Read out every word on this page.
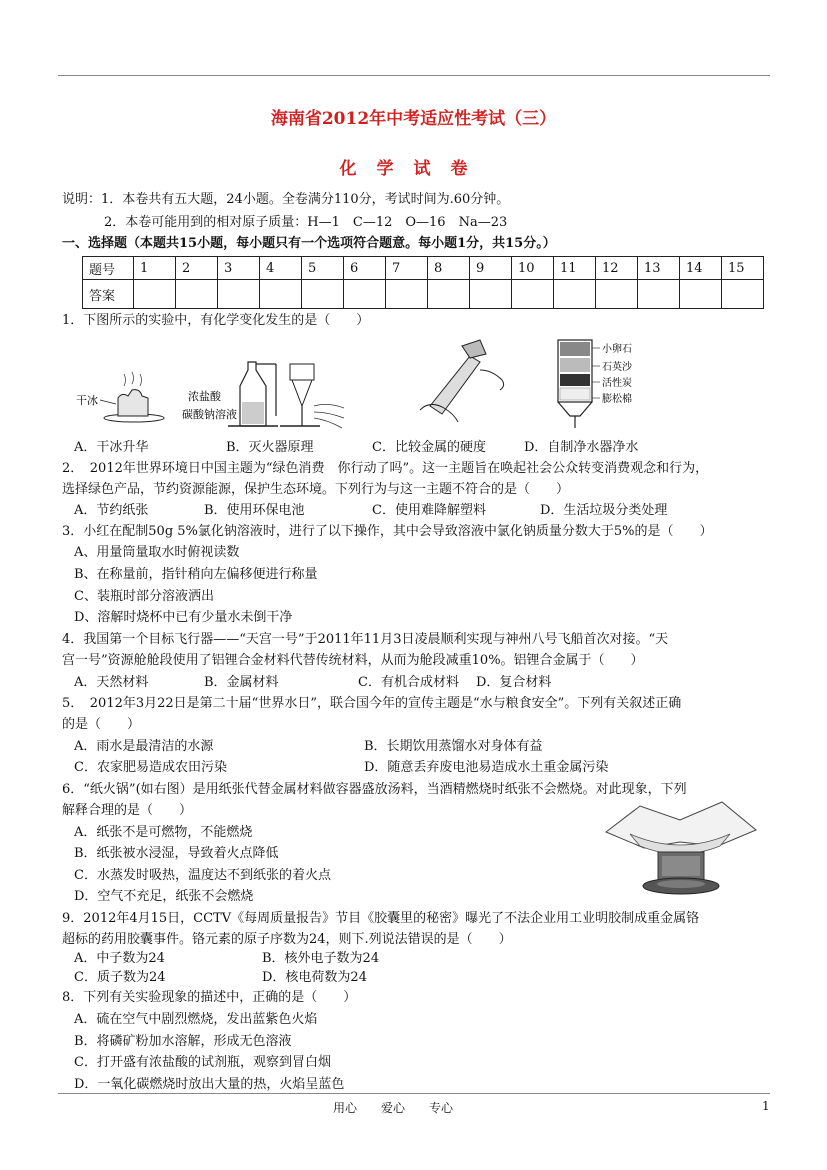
海南省2012年中考适应性考试（三）
化学试卷
说明：1．本卷共有五大题，24小题。全卷满分110分，考试时间为.60分钟。
2．本卷可能用到的相对原子质量：H—1　C—12　O—16　Na—23
一、选择题（本题共15小题，每小题只有一个选项符合题意。每小题1分，共15分。）
题号	1	2	3	4	5	6	7	8	9	10	11	12	13	14	15
答案															
1．下图所示的实验中，有化学变化发生的是（　　）
干冰	浓盐酸
碳酸钠溶液
小卵石
石英沙
活性炭
膨松棉
A．干冰升华	B．灭火器原理	C．比较金属的硬度	D．自制净水器净水
2．　2012年世界环境日中国主题为“绿色消费　你行动了吗”。这一主题旨在唤起社会公众转变消费观念和行为，
选择绿色产品，节约资源能源，保护生态环境。下列行为与这一主题不符合的是（　　）
A．节约纸张	B．使用环保电池	C．使用难降解塑料	D．生活垃圾分类处理
3．小红在配制50g 5%氯化钠溶液时，进行了以下操作，其中会导致溶液中氯化钠质量分数大于5%的是（　　）
A、用量筒量取水时俯视读数
B、在称量前，指针稍向左偏移便进行称量
C、装瓶时部分溶液洒出
D、溶解时烧杯中已有少量水未倒干净
4．我国第一个目标飞行器——“天宫一号”于2011年11月3日凌晨顺利实现与神州八号飞船首次对接。“天
宫一号”资源舱舱段使用了铝锂合金材料代替传统材料，从而为舱段减重10%。铝锂合金属于（　　）
A．天然材料	B．金属材料	C．有机合成材料 D．复合材料
5．　2012年3月22日是第二十届“世界水日”，联合国今年的宣传主题是“水与粮食安全”。下列有关叙述正确
的是（　　）
A．雨水是最清洁的水源	B．长期饮用蒸馏水对身体有益
C．农家肥易造成农田污染	D．随意丢弃废电池易造成水土重金属污染
6．“纸火锅”(如右图）是用纸张代替金属材料做容器盛放汤料，当酒精燃烧时纸张不会燃烧。对此现象，下列
解释合理的是（　　）
A．纸张不是可燃物，不能燃烧
B．纸张被水浸湿，导致着火点降低
C．水蒸发时吸热，温度达不到纸张的着火点
D．空气不充足，纸张不会燃烧
9．2012年4月15日，CCTV《每周质量报告》节目《胶囊里的秘密》曝光了不法企业用工业明胶制成重金属铬
超标的药用胶囊事件。铬元素的原子序数为24，则下.列说法错误的是（　　）
A．中子数为24	B．核外电子数为24
C．质子数为24	D．核电荷数为24
8．下列有关实验现象的描述中，正确的是（　　）
A．硫在空气中剧烈燃烧，发出蓝紫色火焰
B．将磷矿粉加水溶解，形成无色溶液
C．打开盛有浓盐酸的试剂瓶，观察到冒白烟
D．一氧化碳燃烧时放出大量的热，火焰呈蓝色
用心　　爱心　　专心	1
